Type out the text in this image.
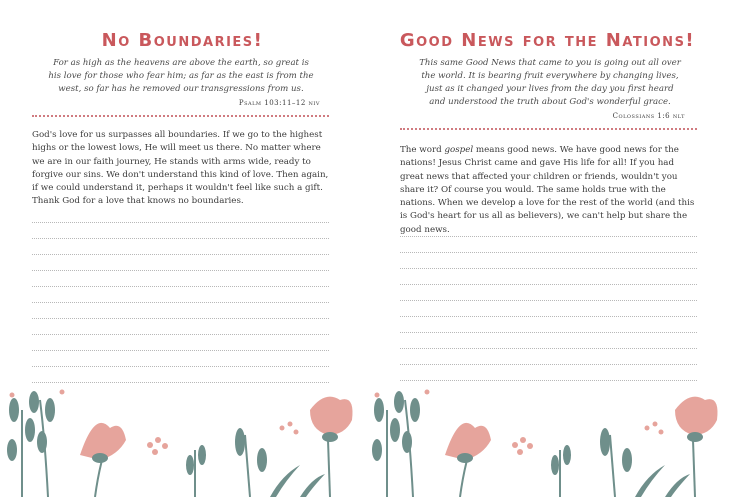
No Boundaries!
For as high as the heavens are above the earth, so great is his love for those who fear him; as far as the east is from the west, so far has he removed our transgressions from us.
Psalm 103:11–12 niv
God's love for us surpasses all boundaries. If we go to the highest highs or the lowest lows, He will meet us there. No matter where we are in our faith journey, He stands with arms wide, ready to forgive our sins. We don't understand this kind of love. Then again, if we could understand it, perhaps it wouldn't feel like such a gift. Thank God for a love that knows no boundaries.
Good News for the Nations!
This same Good News that came to you is going out all over the world. It is bearing fruit everywhere by changing lives, just as it changed your lives from the day you first heard and understood the truth about God's wonderful grace.
Colossians 1:6 nlt
The word gospel means good news. We have good news for the nations! Jesus Christ came and gave His life for all! If you had great news that affected your children or friends, wouldn't you share it? Of course you would. The same holds true with the nations. When we develop a love for the rest of the world (and this is God's heart for us all as believers), we can't help but share the good news.
